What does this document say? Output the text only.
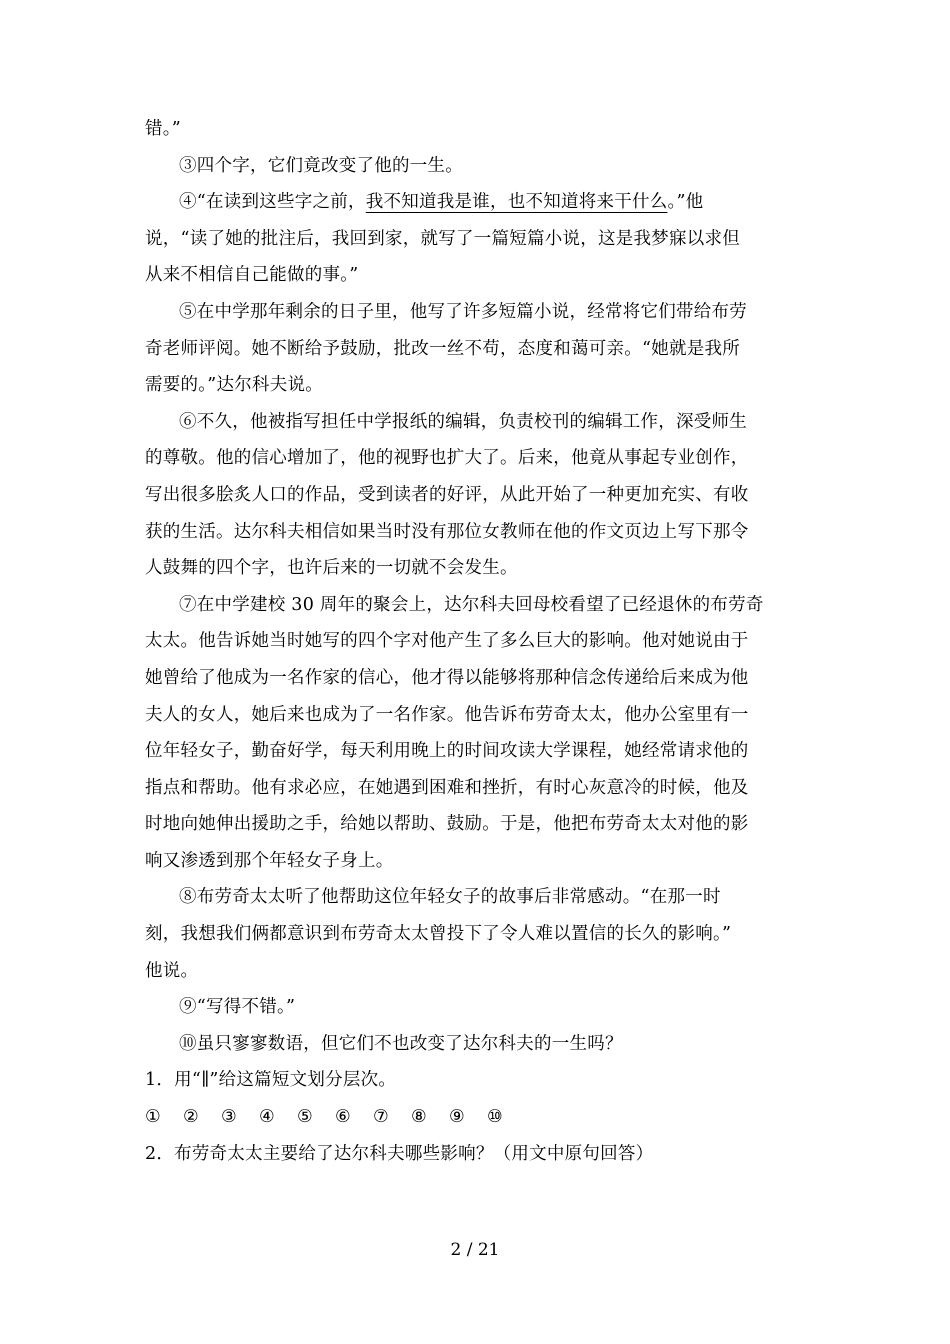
错。”
③四个字，它们竟改变了他的一生。
④“在读到这些字之前，我不知道我是谁，也不知道将来干什么。”他
说，“读了她的批注后，我回到家，就写了一篇短篇小说，这是我梦寐以求但
从来不相信自己能做的事。”
⑤在中学那年剩余的日子里，他写了许多短篇小说，经常将它们带给布劳
奇老师评阅。她不断给予鼓励，批改一丝不苟，态度和蔼可亲。“她就是我所
需要的。”达尔科夫说。
⑥不久，他被指写担任中学报纸的编辑，负责校刊的编辑工作，深受师生
的尊敬。他的信心增加了，他的视野也扩大了。后来，他竟从事起专业创作，
写出很多脍炙人口的作品，受到读者的好评，从此开始了一种更加充实、有收
获的生活。达尔科夫相信如果当时没有那位女教师在他的作文页边上写下那令
人鼓舞的四个字，也许后来的一切就不会发生。
⑦在中学建校 30 周年的聚会上，达尔科夫回母校看望了已经退休的布劳奇
太太。他告诉她当时她写的四个字对他产生了多么巨大的影响。他对她说由于
她曾给了他成为一名作家的信心，他才得以能够将那种信念传递给后来成为他
夫人的女人，她后来也成为了一名作家。他告诉布劳奇太太，他办公室里有一
位年轻女子，勤奋好学，每天利用晚上的时间攻读大学课程，她经常请求他的
指点和帮助。他有求必应，在她遇到困难和挫折，有时心灰意冷的时候，他及
时地向她伸出援助之手，给她以帮助、鼓励。于是，他把布劳奇太太对他的影
响又渗透到那个年轻女子身上。
⑧布劳奇太太听了他帮助这位年轻女子的故事后非常感动。“在那一时
刻，我想我们俩都意识到布劳奇太太曾投下了令人难以置信的长久的影响。”
他说。
⑨“写得不错。”
⑩虽只寥寥数语，但它们不也改变了达尔科夫的一生吗？
1．用“∥”给这篇短文划分层次。
①	②	③	④	⑤	⑥	⑦	⑧	⑨	⑩
2．布劳奇太太主要给了达尔科夫哪些影响？（用文中原句回答）
2 / 21
